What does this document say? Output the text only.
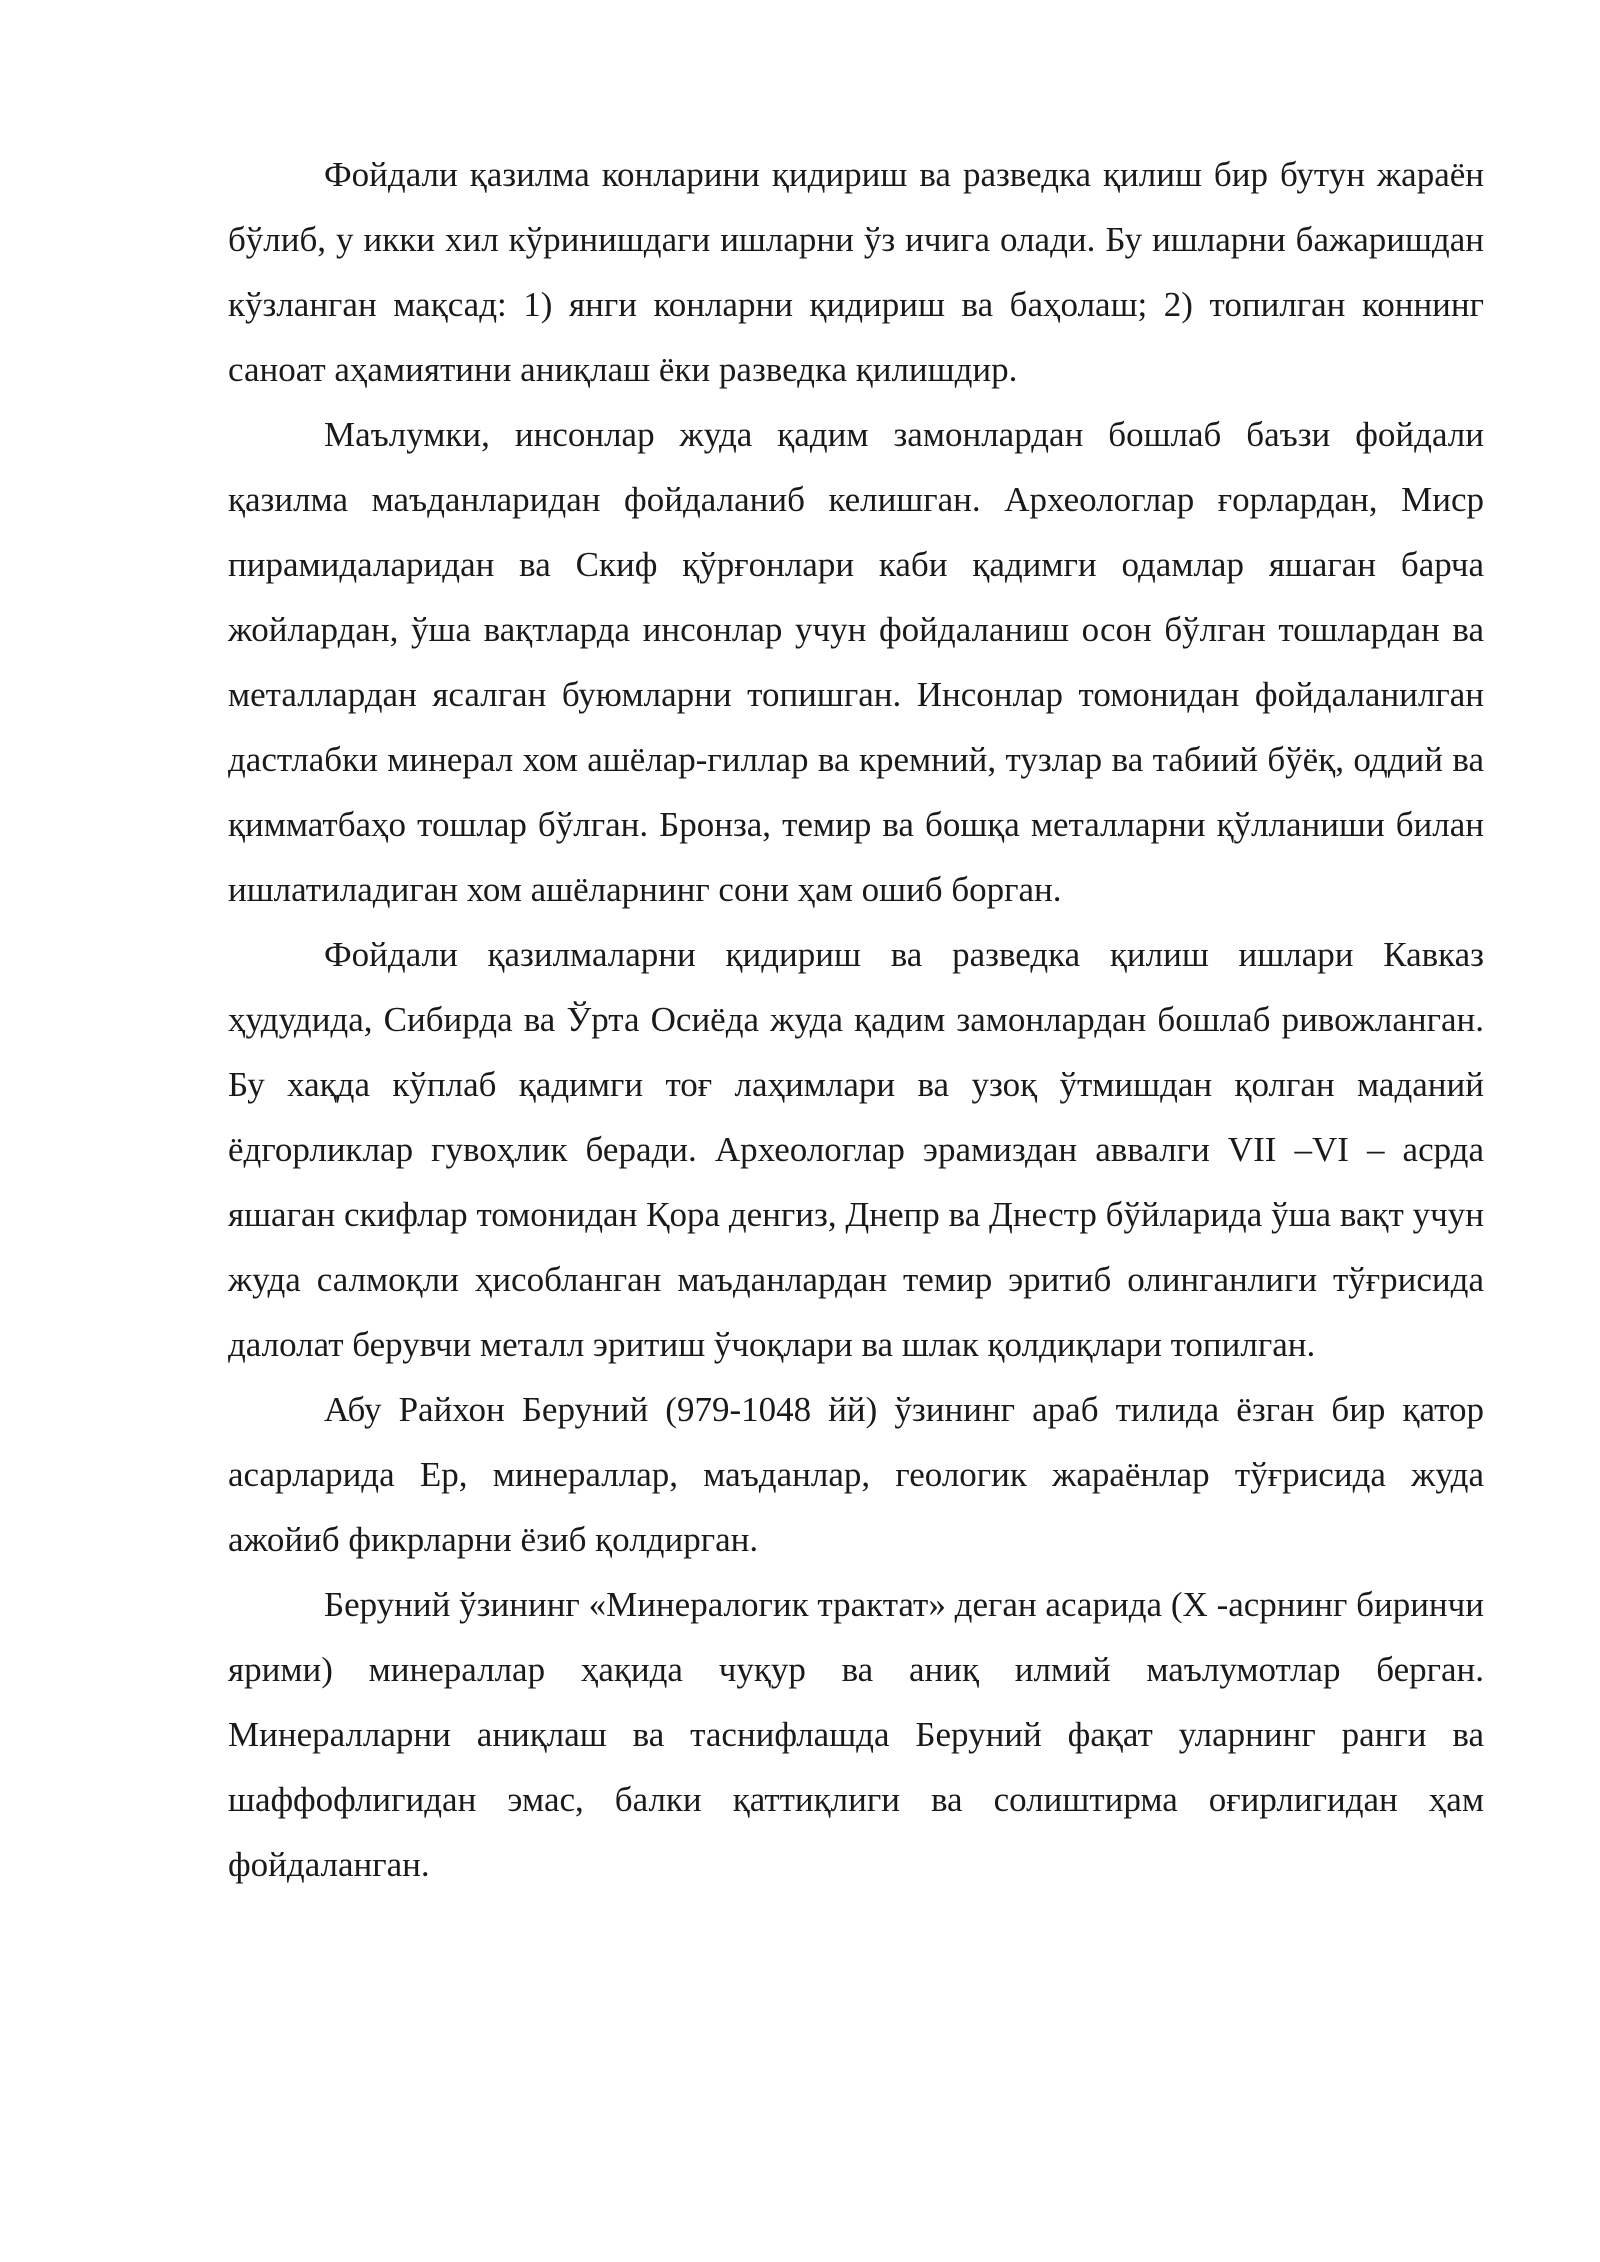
Фойдали қазилма конларини қидириш ва разведка қилиш бир бутун жараён бўлиб, у икки хил кўринишдаги ишларни ўз ичига олади. Бу ишларни бажаришдан кўзланган мақсад: 1) янги конларни қидириш ва баҳолаш; 2) топилган коннинг саноат аҳамиятини аниқлаш ёки разведка қилишдир.

Маълумки, инсонлар жуда қадим замонлардан бошлаб баъзи фойдали қазилма маъданларидан фойдаланиб келишган. Археологлар ғорлардан, Миср пирамидаларидан ва Скиф қўрғонлари каби қадимги одамлар яшаган барча жойлардан, ўша вақтларда инсонлар учун фойдаланиш осон бўлган тошлардан ва металлардан ясалган буюмларни топишган. Инсонлар томонидан фойдаланилган дастлабки минерал хом ашёлар-гиллар ва кремний, тузлар ва табиий бўёқ, оддий ва қимматбаҳо тошлар бўлган. Бронза, темир ва бошқа металларни қўлланиши билан ишлатиладиган хом ашёларнинг сони ҳам ошиб борган.

Фойдали қазилмаларни қидириш ва разведка қилиш ишлари Кавказ ҳудудида, Сибирда ва Ўрта Осиёда жуда қадим замонлардан бошлаб ривожланган. Бу хақда кўплаб қадимги тоғ лаҳимлари ва узоқ ўтмишдан қолган маданий ёдгорликлар гувоҳлик беради. Археологлар эрамиздан аввалги VII –VI – асрда яшаган скифлар томонидан Қора денгиз, Днепр ва Днестр бўйларида ўша вақт учун жуда салмоқли ҳисобланган маъданлардан темир эритиб олинганлиги тўғрисида далолат берувчи металл эритиш ўчоқлари ва шлак қолдиқлари топилган.

Абу Райхон Беруний (979-1048 йй) ўзининг араб тилида ёзган бир қатор асарларида Ер, минераллар, маъданлар, геологик жараёнлар тўғрисида жуда ажойиб фикрларни ёзиб қолдирган.

Беруний ўзининг «Минералогик трактат» деган асарида (X -асрнинг биринчи ярими) минераллар ҳақида чуқур ва аниқ илмий маълумотлар берган. Минералларни аниқлаш ва таснифлашда Беруний фақат уларнинг ранги ва шаффофлигидан эмас, балки қаттиқлиги ва солиштирма оғирлигидан ҳам фойдаланган.
